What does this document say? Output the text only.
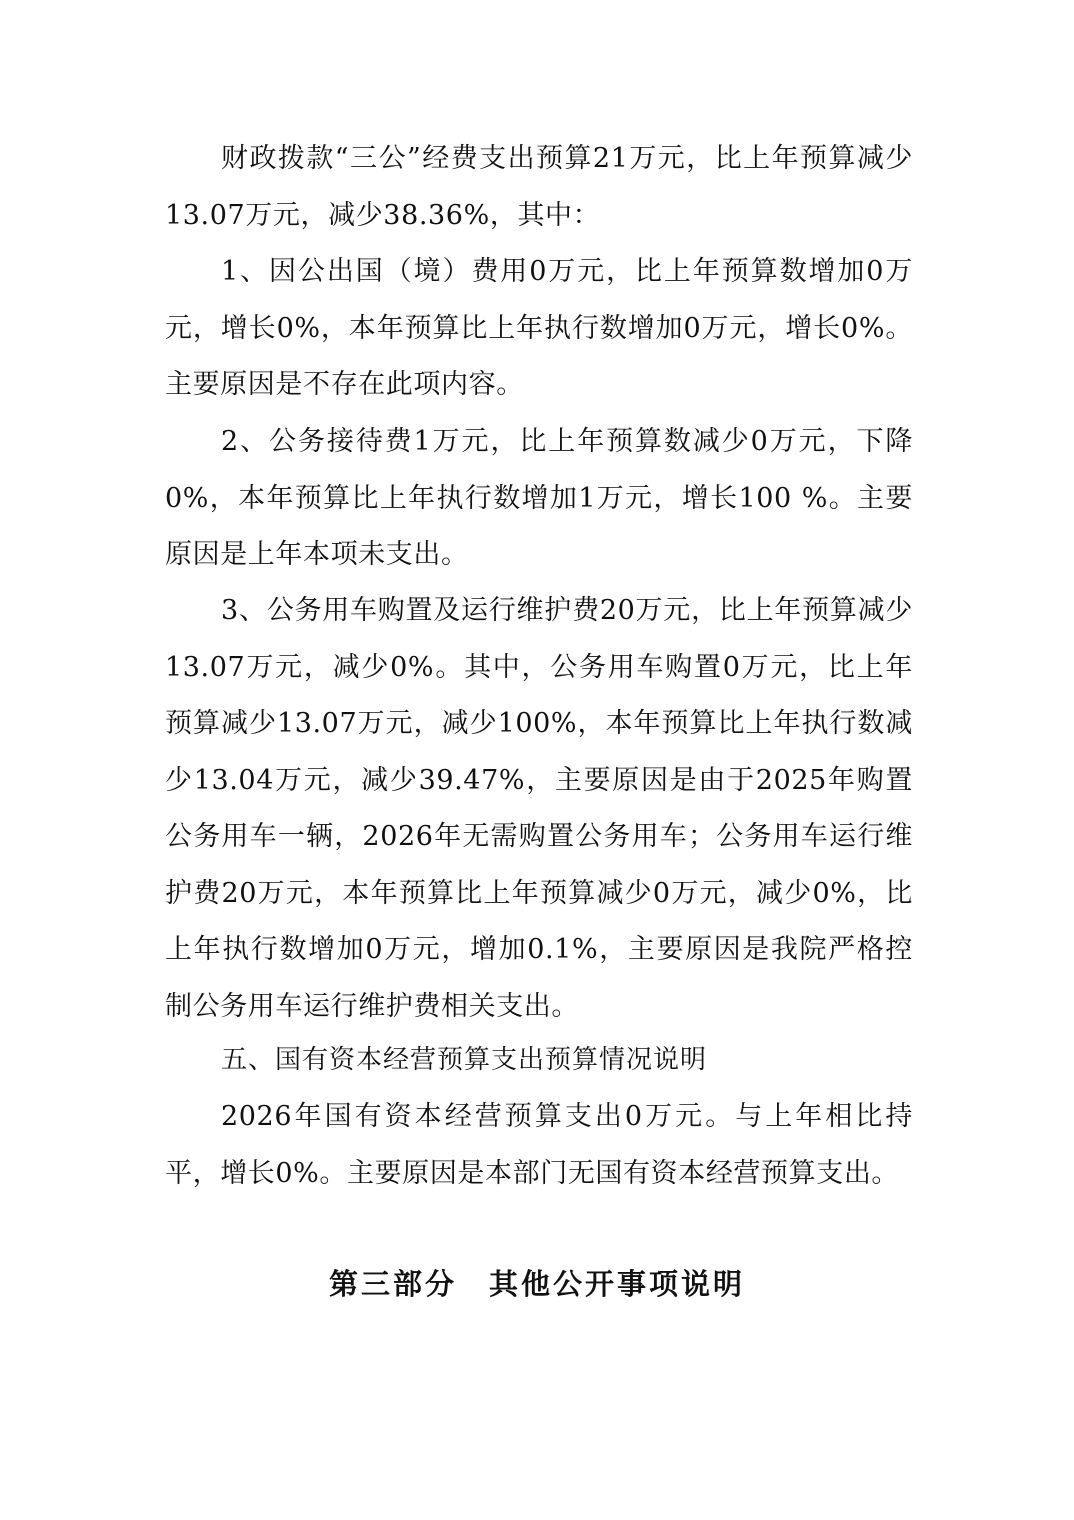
财政拨款“三公”经费支出预算21万元，比上年预算减少13.07万元，减少38.36%，其中：

1、因公出国（境）费用0万元，比上年预算数增加0万元，增长0%，本年预算比上年执行数增加0万元，增长0%。主要原因是不存在此项内容。

2、公务接待费1万元，比上年预算数减少0万元，下降0%，本年预算比上年执行数增加1万元，增长100 %。主要原因是上年本项未支出。

3、公务用车购置及运行维护费20万元，比上年预算减少13.07万元，减少0%。其中，公务用车购置0万元，比上年预算减少13.07万元，减少100%，本年预算比上年执行数减少13.04万元，减少39.47%，主要原因是由于2025年购置公务用车一辆，2026年无需购置公务用车；公务用车运行维护费20万元，本年预算比上年预算减少0万元，减少0%，比上年执行数增加0万元，增加0.1%，主要原因是我院严格控制公务用车运行维护费相关支出。

五、国有资本经营预算支出预算情况说明

2026年国有资本经营预算支出0万元。与上年相比持平，增长0%。主要原因是本部门无国有资本经营预算支出。

第三部分　其他公开事项说明
